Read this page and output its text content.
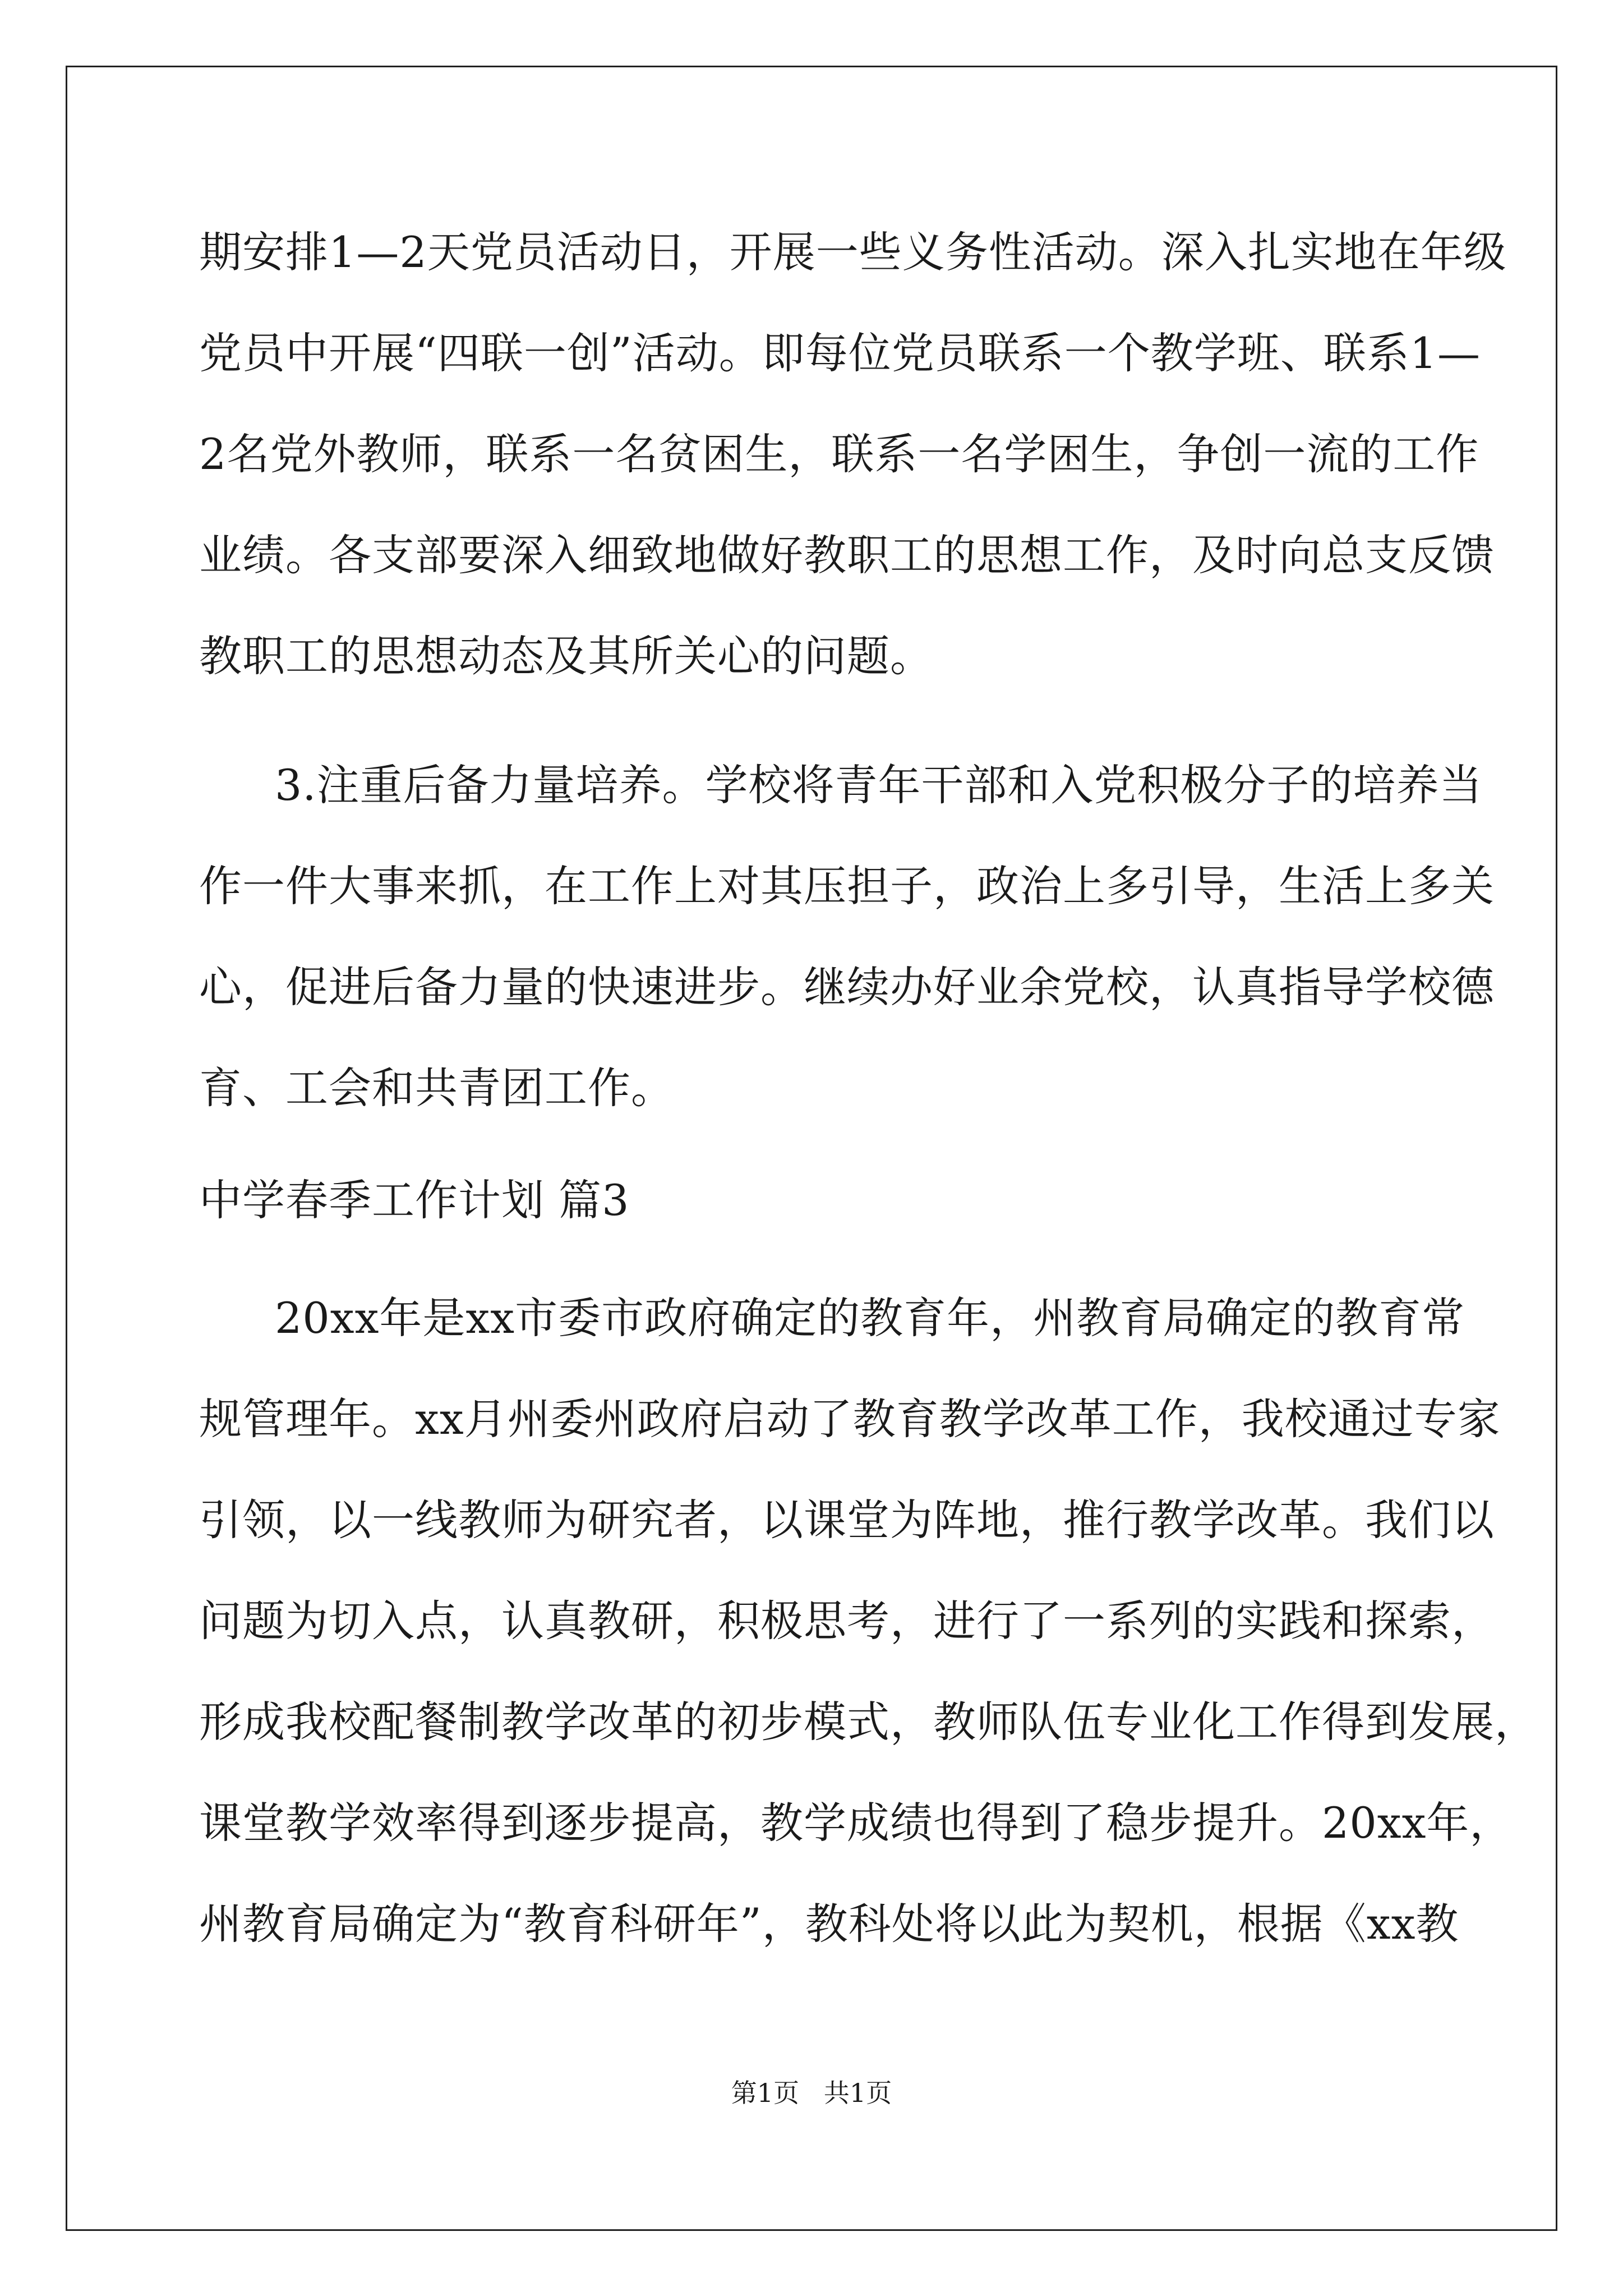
期安排1—2天党员活动日，开展一些义务性活动。深入扎实地在年级
党员中开展“四联一创”活动。即每位党员联系一个教学班、联系1—
2名党外教师，联系一名贫困生，联系一名学困生，争创一流的工作
业绩。各支部要深入细致地做好教职工的思想工作，及时向总支反馈
教职工的思想动态及其所关心的问题。
3.注重后备力量培养。学校将青年干部和入党积极分子的培养当
作一件大事来抓，在工作上对其压担子，政治上多引导，生活上多关
心，促进后备力量的快速进步。继续办好业余党校，认真指导学校德
育、工会和共青团工作。
中学春季工作计划 篇3
20xx年是xx市委市政府确定的教育年，州教育局确定的教育常
规管理年。xx月州委州政府启动了教育教学改革工作，我校通过专家
引领，以一线教师为研究者，以课堂为阵地，推行教学改革。我们以
问题为切入点，认真教研，积极思考，进行了一系列的实践和探索，
形成我校配餐制教学改革的初步模式，教师队伍专业化工作得到发展，
课堂教学效率得到逐步提高，教学成绩也得到了稳步提升。20xx年，
州教育局确定为“教育科研年”，教科处将以此为契机，根据《xx教
第1页   共1页
